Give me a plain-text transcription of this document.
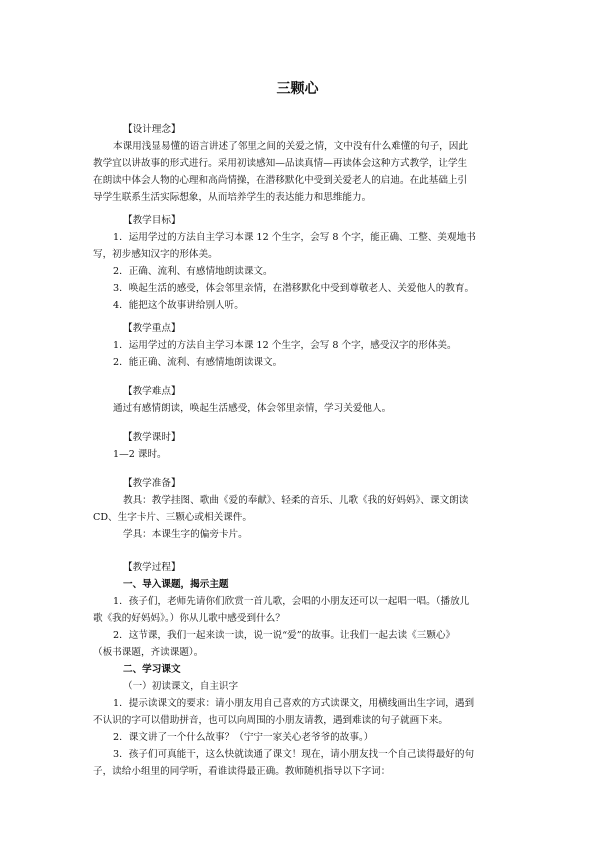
三颗心

【设计理念】

本课用浅显易懂的语言讲述了邻里之间的关爱之情，文中没有什么难懂的句子，因此

教学宜以讲故事的形式进行。采用初读感知—品读真情—再读体会这种方式教学，让学生

在朗读中体会人物的心理和高尚情操，在潜移默化中受到关爱老人的启迪。在此基础上引

导学生联系生活实际想象，从而培养学生的表达能力和思维能力。

【教学目标】

1．运用学过的方法自主学习本课 12 个生字，会写 8 个字，能正确、工整、美观地书

写，初步感知汉字的形体美。

2．正确、流利、有感情地朗读课文。

3．唤起生活的感受，体会邻里亲情，在潜移默化中受到尊敬老人、关爱他人的教育。

4．能把这个故事讲给别人听。

【教学重点】

1．运用学过的方法自主学习本课 12 个生字，会写 8 个字，感受汉字的形体美。

2．能正确、流利、有感情地朗读课文。

【教学难点】

通过有感情朗读，唤起生活感受，体会邻里亲情，学习关爱他人。

【教学课时】

1—2 课时。

【教学准备】

教具：教学挂图、歌曲《爱的奉献》、轻柔的音乐、儿歌《我的好妈妈》、课文朗读

CD、生字卡片、三颗心或相关课件。

学具：本课生字的偏旁卡片。

【教学过程】

一、导入课题，揭示主题

1．孩子们，老师先请你们欣赏一首儿歌，会唱的小朋友还可以一起唱一唱。（播放儿

歌《我的好妈妈》。）你从儿歌中感受到什么？

2．这节课，我们一起来读一读，说一说“爱”的故事。让我们一起去读《三颗心》

（板书课题，齐读课题）。

二、学习课文

（一）初读课文，自主识字

1．提示读课文的要求：请小朋友用自己喜欢的方式读课文，用横线画出生字词，遇到

不认识的字可以借助拼音，也可以向周围的小朋友请教，遇到难读的句子就画下来。

2．课文讲了一个什么故事？（宁宁一家关心老爷爷的故事。）

3．孩子们可真能干，这么快就读通了课文！现在，请小朋友找一个自己读得最好的句

子，读给小组里的同学听，看谁读得最正确。教师随机指导以下字词：
